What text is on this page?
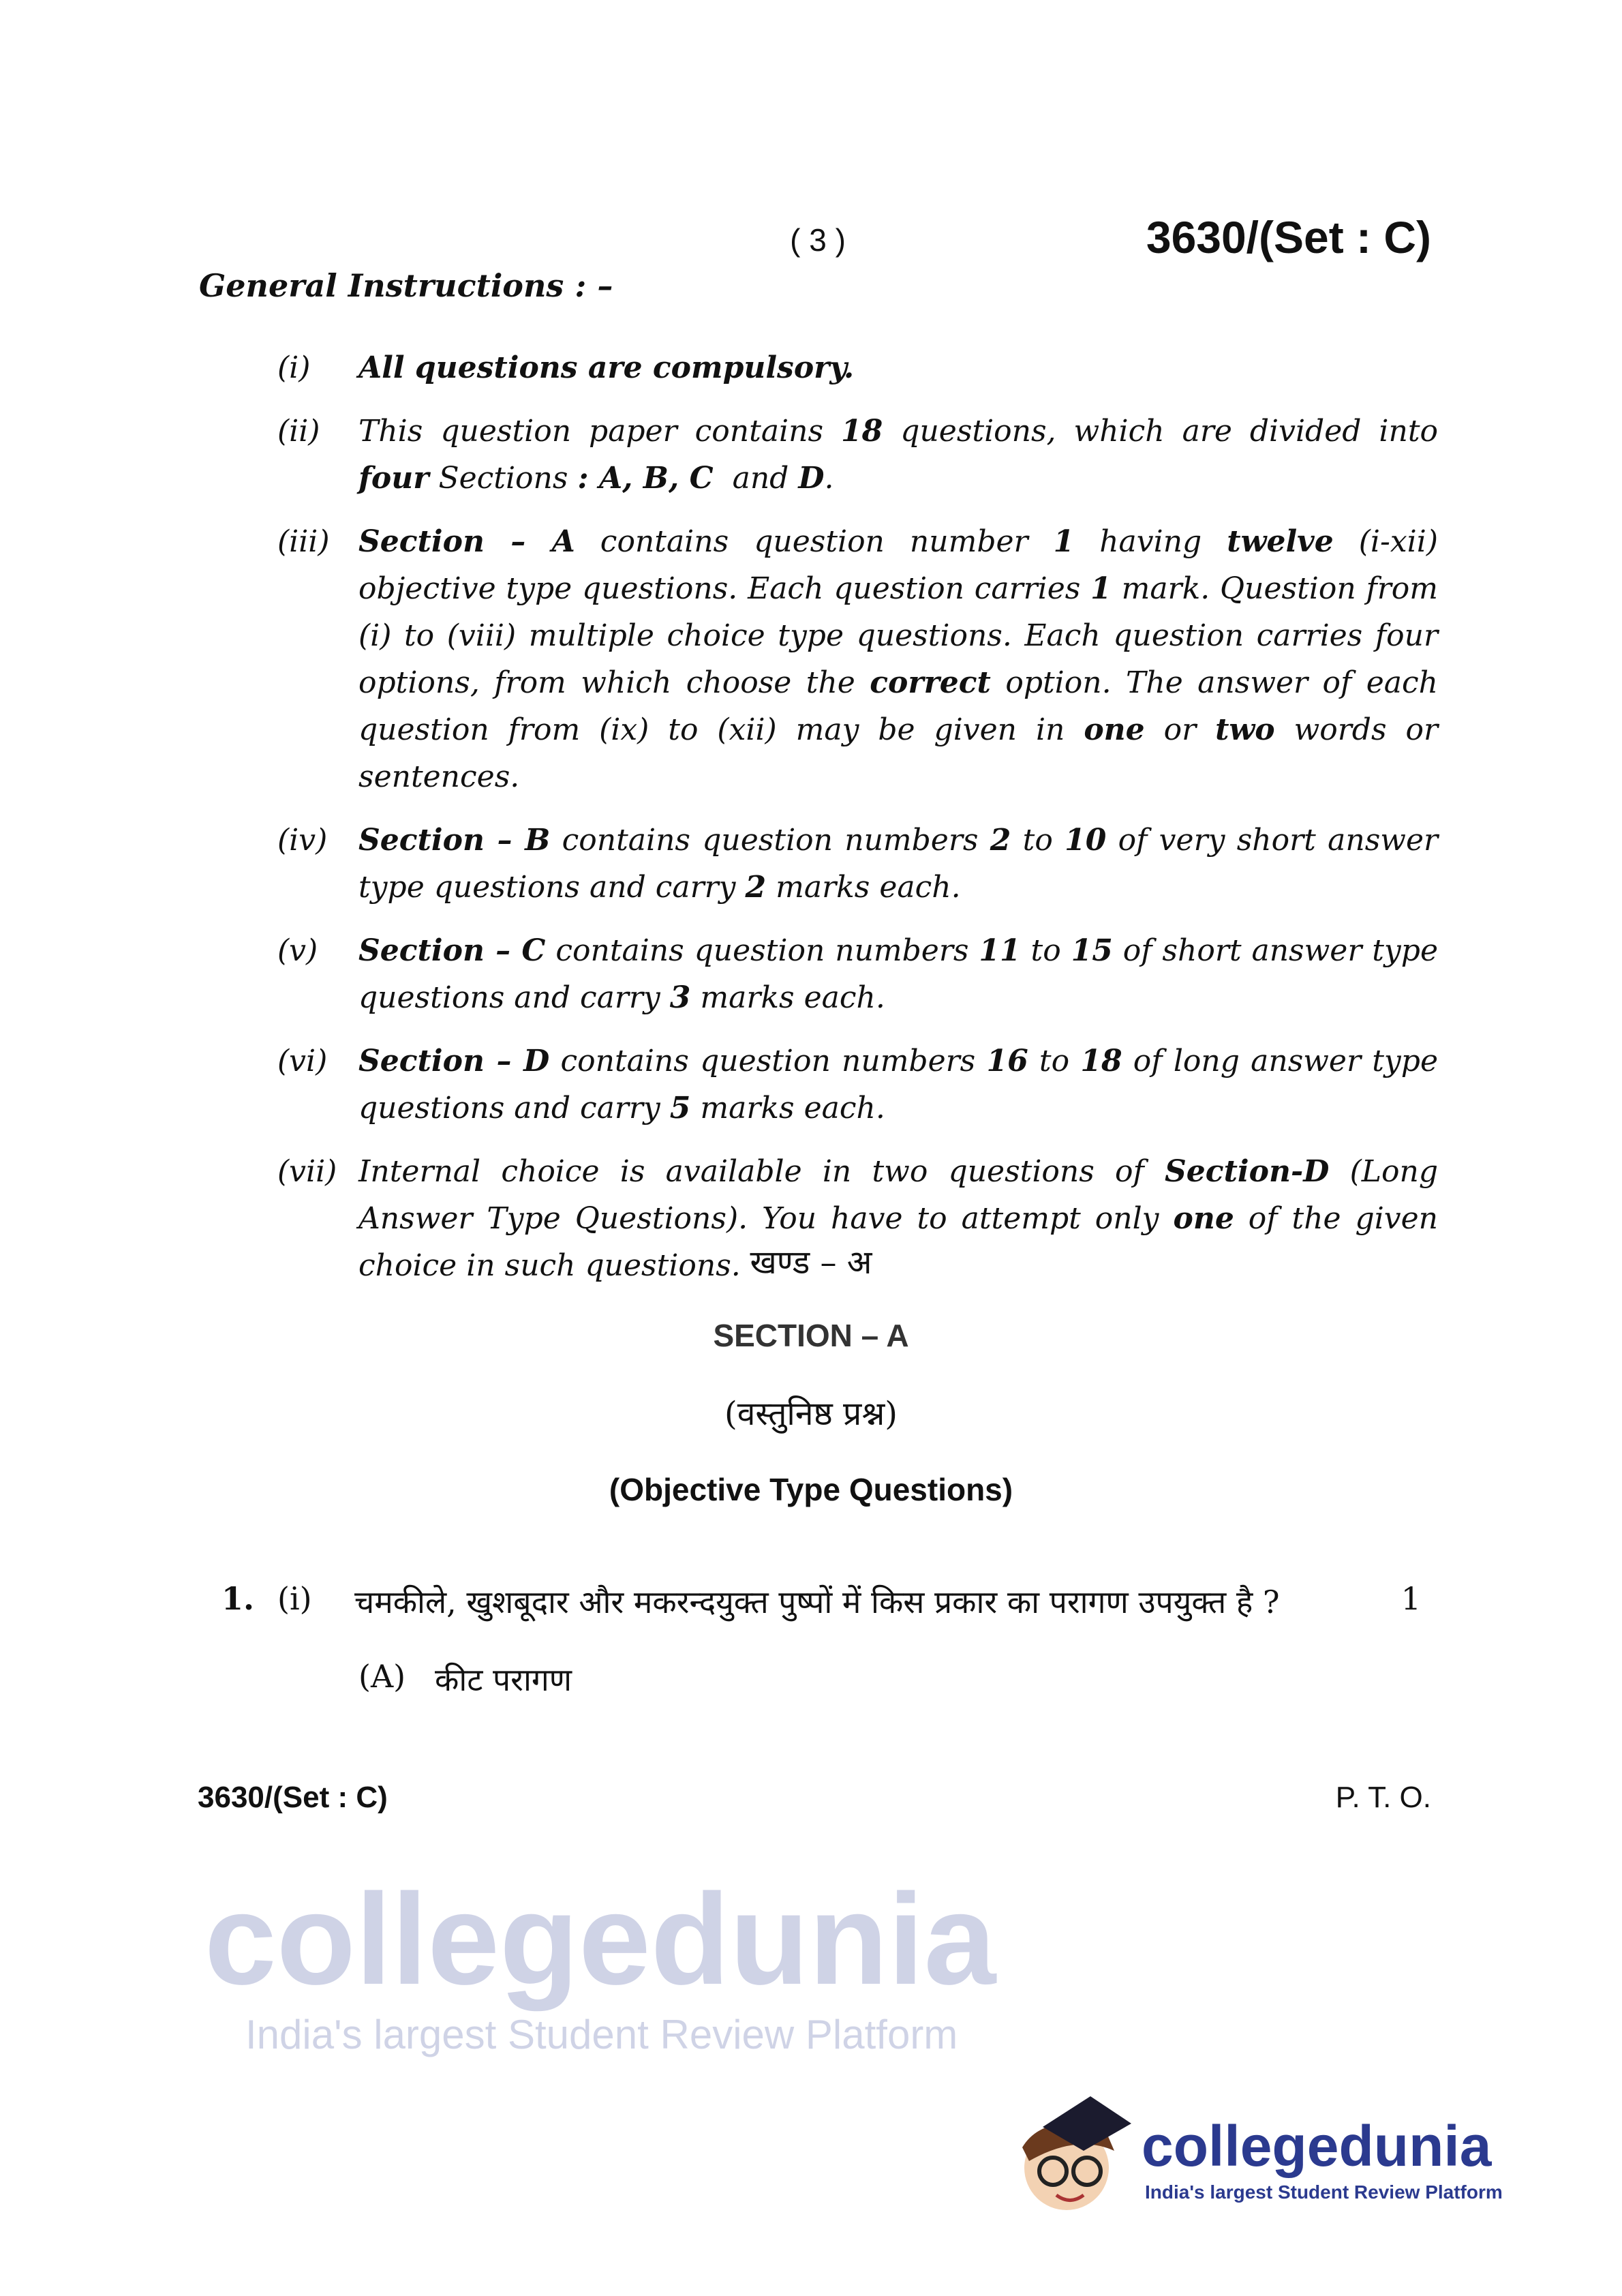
collegedunia
India's largest Student Review Platform
( 3 )	3630/(Set : C)
General Instructions : –
(i)	All questions are compulsory.
(ii)	This question paper contains 18 questions, which are divided into four Sections : A, B, C  and D.
(iii) Section – A contains question number 1 having twelve (i-xii) objective type questions. Each question carries 1 mark. Question from (i) to (viii) multiple choice type questions. Each question carries four options, from which choose the correct option. The answer of each question from (ix) to (xii) may be given in one or two words or sentences.
(iv)	Section – B contains question numbers 2 to 10 of very short answer type questions and carry 2 marks each.
(v)	Section – C contains question numbers 11 to 15 of short answer type questions and carry 3 marks each.
(vi)	Section – D contains question numbers 16 to 18 of long answer type questions and carry 5 marks each.
(vii) Internal choice is available in two questions of Section-D (Long Answer Type Questions). You have to attempt only one of the given choice in such questions. खण्ड – अ
SECTION – A
(वस्तुनिष्ठ प्रश्न)
(Objective Type Questions)
1. (i)	चमकीले, खुशबूदार और मकरन्दयुक्त पुष्पों में किस प्रकार का परागण उपयुक्त है ?	1
(A) कीट परागण
3630/(Set : C)	P. T. O.
collegedunia
India's largest Student Review Platform
